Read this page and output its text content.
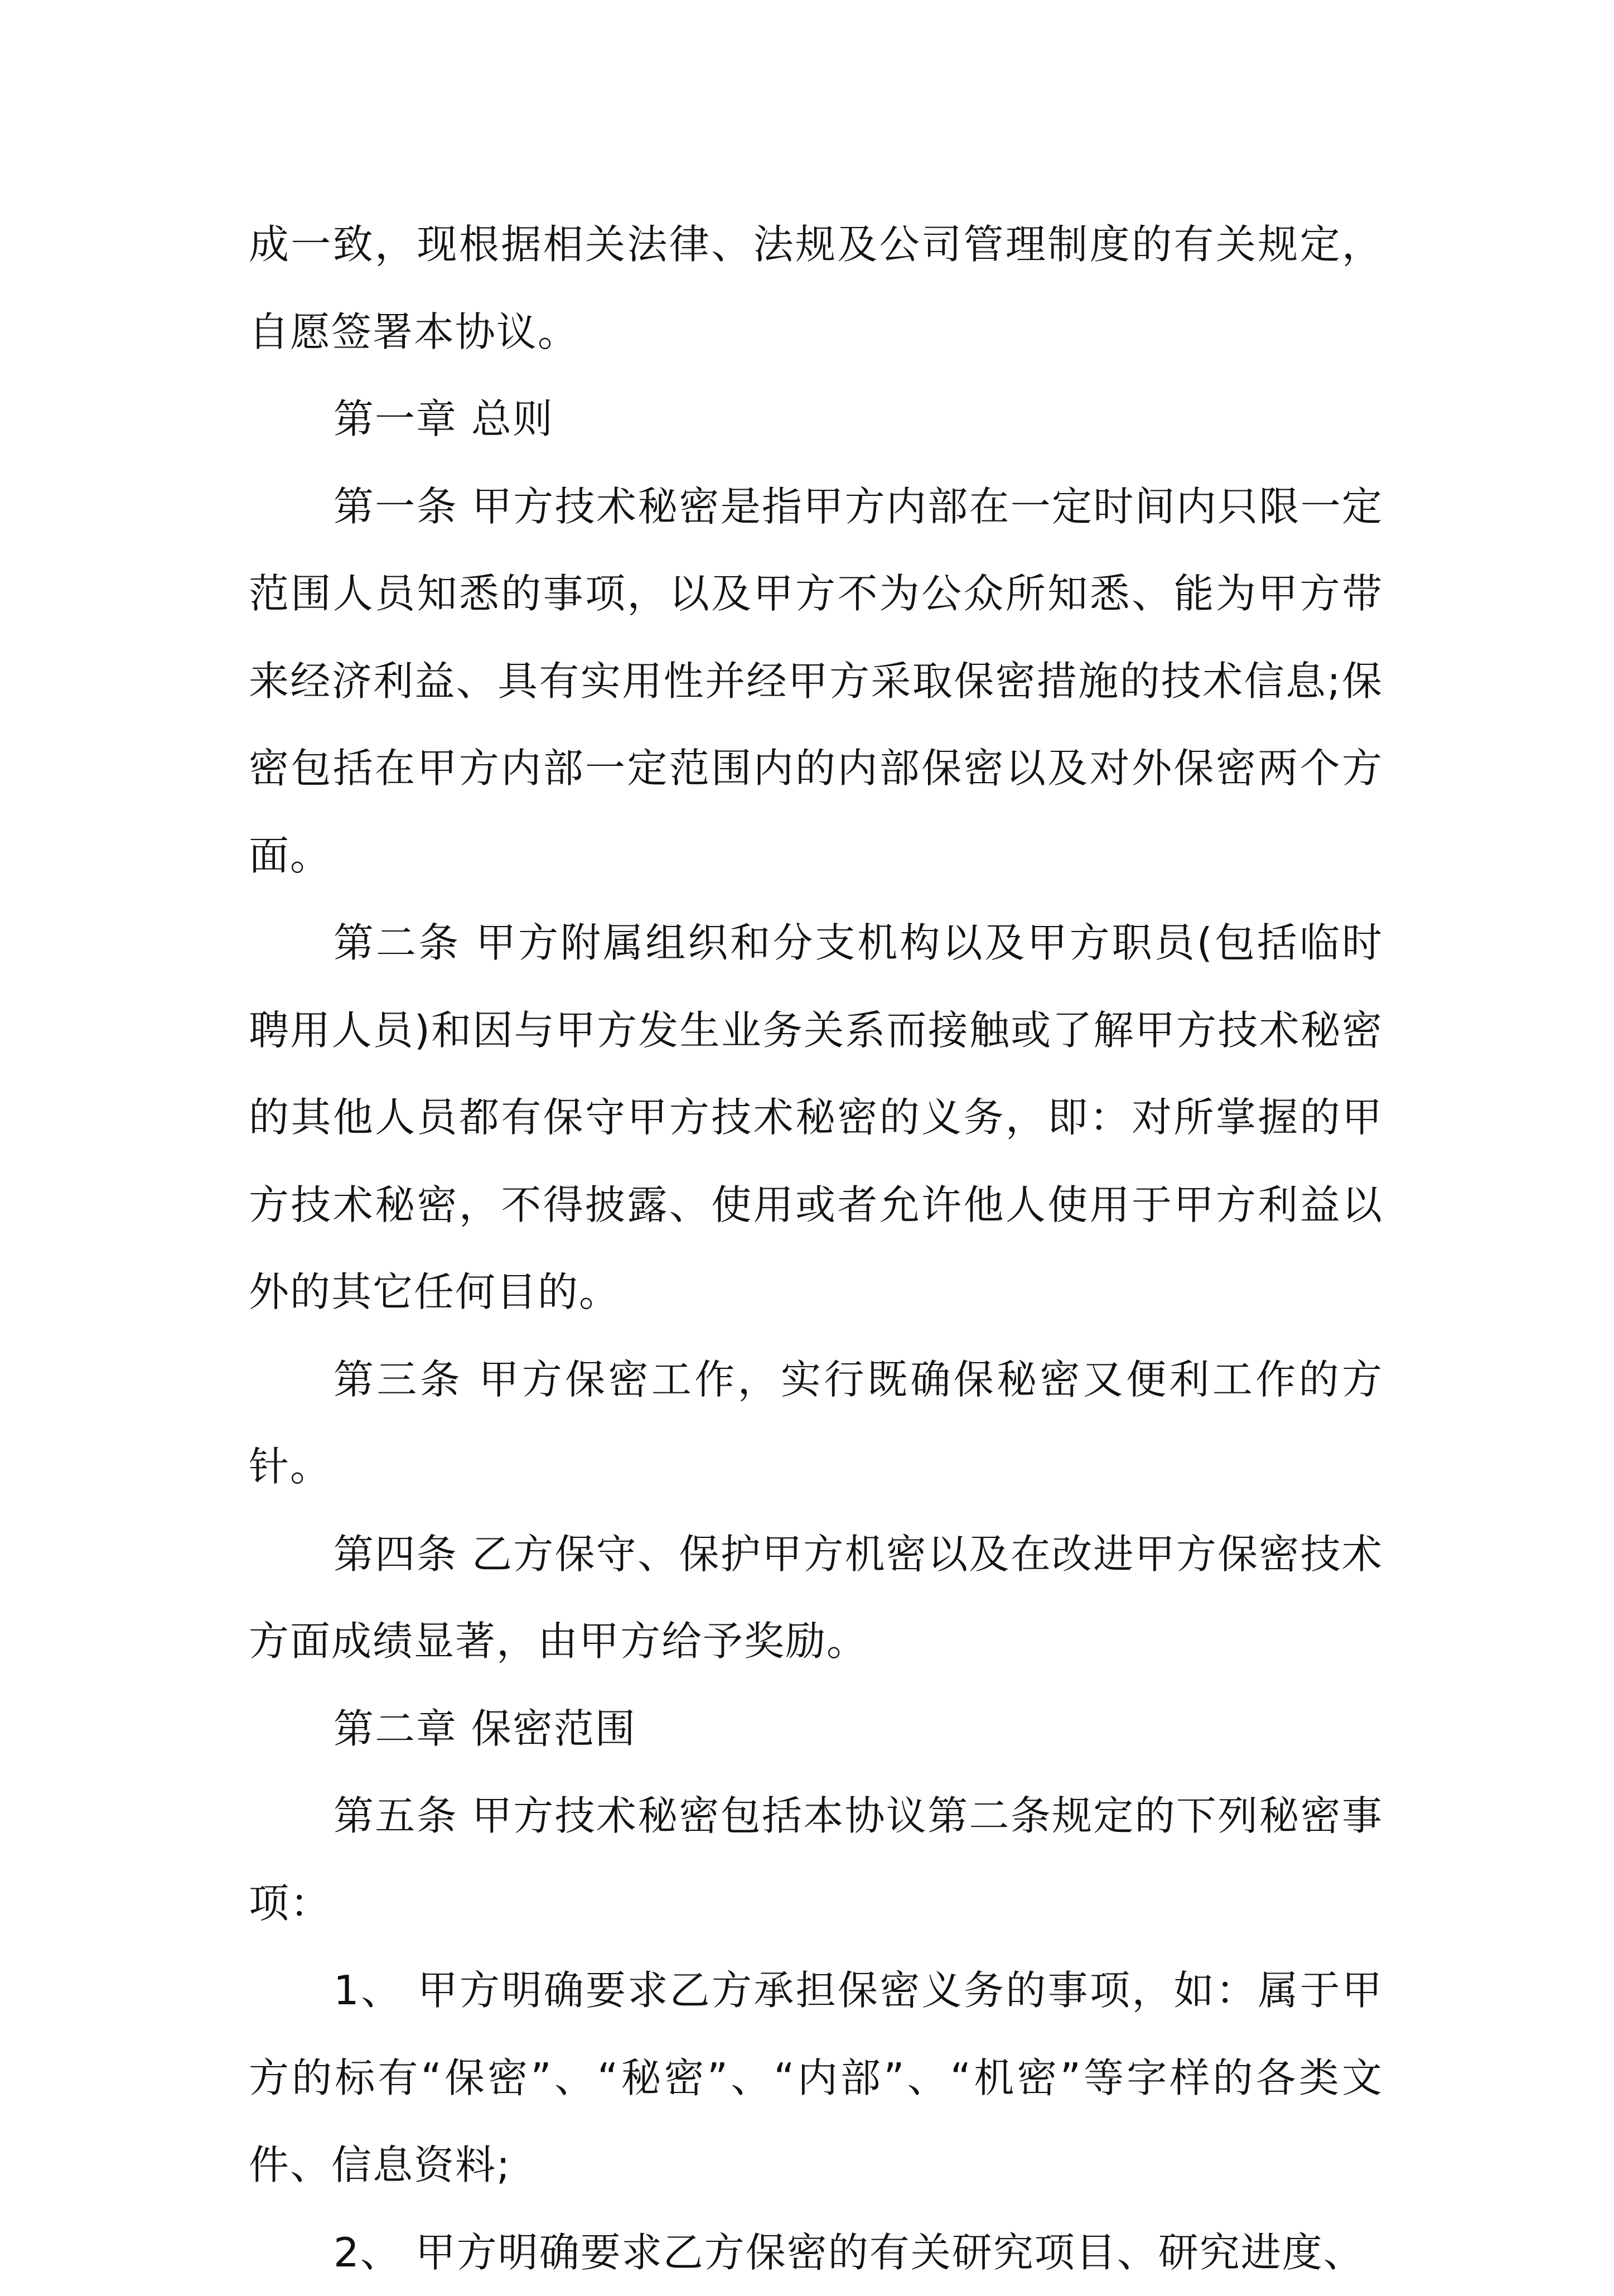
成一致，现根据相关法律、法规及公司管理制度的有关规定，自愿签署本协议。

第一章 总则

第一条 甲方技术秘密是指甲方内部在一定时间内只限一定范围人员知悉的事项，以及甲方不为公众所知悉、能为甲方带来经济利益、具有实用性并经甲方采取保密措施的技术信息;保密包括在甲方内部一定范围内的内部保密以及对外保密两个方面。

第二条 甲方附属组织和分支机构以及甲方职员(包括临时聘用人员)和因与甲方发生业务关系而接触或了解甲方技术秘密的其他人员都有保守甲方技术秘密的义务，即：对所掌握的甲方技术秘密，不得披露、使用或者允许他人使用于甲方利益以外的其它任何目的。

第三条 甲方保密工作，实行既确保秘密又便利工作的方针。

第四条 乙方保守、保护甲方机密以及在改进甲方保密技术方面成绩显著，由甲方给予奖励。

第二章 保密范围

第五条 甲方技术秘密包括本协议第二条规定的下列秘密事项：

1、 甲方明确要求乙方承担保密义务的事项，如：属于甲方的标有“保密”、“秘密”、“内部”、“机密”等字样的各类文件、信息资料;

2、 甲方明确要求乙方保密的有关研究项目、研究进度、
